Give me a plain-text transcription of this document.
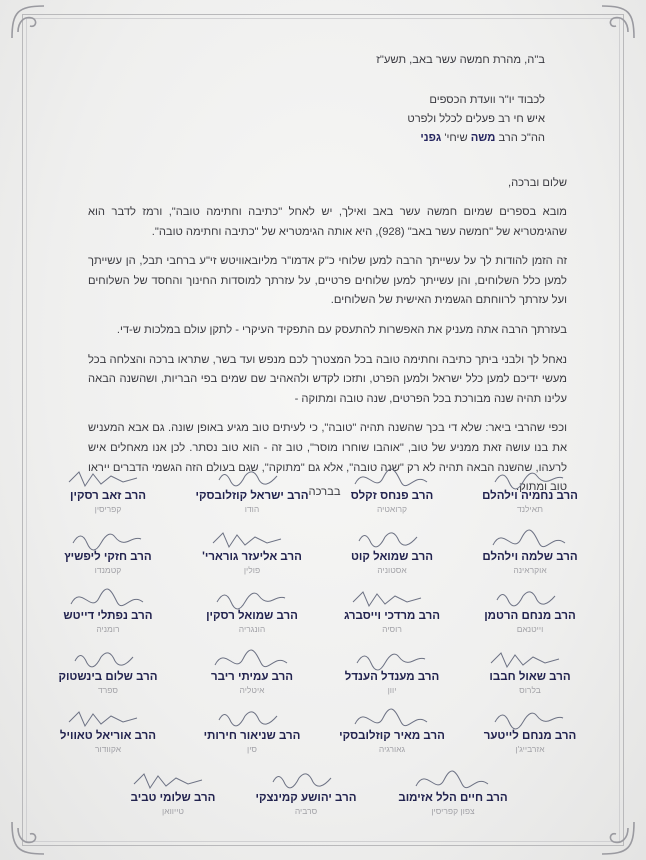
ב"ה, מהרת חמשה עשר באב, תשע"ז
לכבוד יו"ר וועדת הכספים
איש חי רב פעלים לכלל ולפרט
הה"כ הרב משה שיחי' גפני
שלום וברכה,

מובא בספרים שמיום חמשה עשר באב ואילך, יש לאחל "כתיבה וחתימה טובה", ורמז לדבר הוא שהגימטריא של "חמשה עשר באב" (928), היא אותה הגימטריא של "כתיבה וחתימה טובה".

זה הזמן להודות לך על עשייתך הרבה למען שלוחי כ"ק אדמו"ר מליובאוויטש זי"ע ברחבי תבל, הן עשייתך למען כלל השלוחים, והן עשייתך למען שלוחים פרטיים, על עזרתך למוסדות החינוך והחסד של השלוחים ועל עזרתך לרווחתם הגשמית האישית של השלוחים.

בעזרתך הרבה אתה מעניק את האפשרות להתעסק עם התפקיד העיקרי - לתקן עולם במלכות ש-די.

נאחל לך ולבני ביתך כתיבה וחתימה טובה בכל המצטרך לכם מנפש ועד בשר, שתראו ברכה והצלחה בכל מעשי ידיכם למען כלל ישראל ולמען הפרט, ותזכו לקדש ולהאהיב שם שמים בפי הבריות, ושהשנה הבאה עלינו תהיה שנה מבורכת בכל הפרטים, שנה טובה ומתוקה -

וכפי שהרבי ביאר: שלא די בכך שהשנה תהיה "טובה", כי לעיתים טוב מגיע באופן שונה. גם אבא המעניש את בנו עושה זאת ממניע של טוב, "אוהבו שוחרו מוסר", טוב זה - הוא טוב נסתר. לכן אנו מאחלים איש לרעהו, שהשנה הבאה תהיה לא רק "שנה טובה", אלא גם "מתוקה", שגם בעולם הזה הגשמי הדברים ייראו טוב ומתוק.

בברכה,	הרב נחמיה וילהלם
תאילנד
הרב פנחס זקלס
קרואטיה
הרב ישראל קוזלובסקי
הודו
הרב זאב רסקין
קפריסין
הרב שלמה וילהלם
אוקראינה
הרב שמואל קוט
אסטוניה
הרב אליעזר גורארי'
פולין
הרב חזקי ליפשיץ
קטמנדו
הרב מנחם הרטמן
וייטנאם
הרב מרדכי וייסברג
רוסיה
הרב שמואל רסקין
הונגריה
הרב נפתלי דייטש
רומניה
הרב שאול חבבו
בלרוס
הרב מענדל הענדל
יוון
הרב עמיתי ריבר
איטליה
הרב שלום בינשטוק
ספרד
הרב מנחם לייטער
אזרבייג'ן
הרב מאיר קוזלובסקי
גאורגיה
הרב שניאור חירותי
סין
הרב אוריאל טאוויל
אקוודור
הרב חיים הלל אזימוב
צפון קפריסין
הרב יהושע קמינצקי
סרביה
הרב שלומי טביב
טייוואן
